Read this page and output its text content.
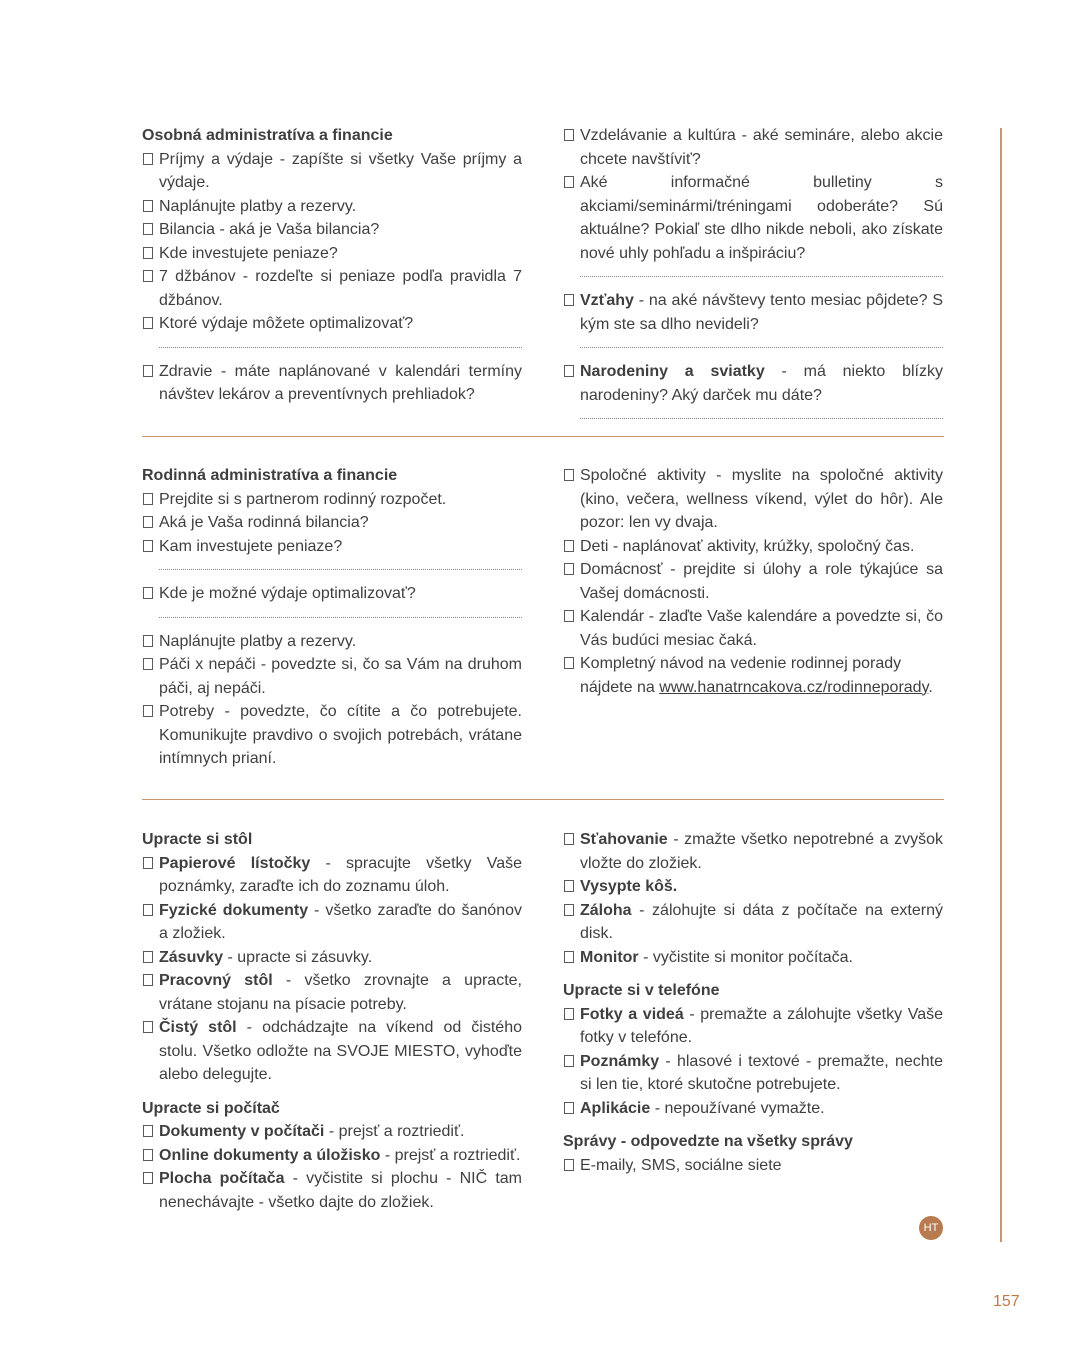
Osobná administratíva a financie
Príjmy a výdaje - zapíšte si všetky Vaše príjmy a výdaje.
Naplánujte platby a rezervy.
Bilancia - aká je Vaša bilancia?
Kde investujete peniaze?
7 džbánov - rozdeľte si peniaze podľa pravidla 7 džbánov.
Ktoré výdaje môžete optimalizovať?
Zdravie - máte naplánované v kalendári termíny návštev lekárov a preventívnych prehliadok?
Vzdelávanie a kultúra - aké semináre, alebo akcie chcete navštíviť?
Aké informačné bulletiny s akciami/seminármi/tréningami odoberáte? Sú aktuálne? Pokiaľ ste dlho nikde neboli, ako získate nové uhly pohľadu a inšpiráciu?
Vzťahy - na aké návštevy tento mesiac pôjdete? S kým ste sa dlho nevideli?
Narodeniny a sviatky - má niekto blízky narodeniny? Aký darček mu dáte?
Rodinná administratíva a financie
Prejdite si s partnerom rodinný rozpočet.
Aká je Vaša rodinná bilancia?
Kam investujete peniaze?
Kde je možné výdaje optimalizovať?
Naplánujte platby a rezervy.
Páči x nepáči - povedzte si, čo sa Vám na druhom páči, aj nepáči.
Potreby - povedzte, čo cítite a čo potrebujete. Komunikujte pravdivo o svojich potrebách, vrátane intímnych prianí.
Spoločné aktivity - myslite na spoločné aktivity (kino, večera, wellness víkend, výlet do hôr). Ale pozor: len vy dvaja.
Deti - naplánovať aktivity, krúžky, spoločný čas.
Domácnosť - prejdite si úlohy a role týkajúce sa Vašej domácnosti.
Kalendár - zlaďte Vaše kalendáre a povedzte si, čo Vás budúci mesiac čaká.
Kompletný návod na vedenie rodinnej porady nájdete na www.hanatrncakova.cz/rodinneporady.
Upracte si stôl
Papierové lístočky - spracujte všetky Vaše poznámky, zaraďte ich do zoznamu úloh.
Fyzické dokumenty - všetko zaraďte do šanónov a zložiek.
Zásuvky - upracte si zásuvky.
Pracovný stôl - všetko zrovnajte a upracte, vrátane stojanu na písacie potreby.
Čistý stôl - odchádzajte na víkend od čistého stolu. Všetko odložte na SVOJE MIESTO, vyhoďte alebo delegujte.
Upracte si počítač
Dokumenty v počítači - prejsť a roztriediť.
Online dokumenty a úložisko - prejsť a roztriediť.
Plocha počítača - vyčistite si plochu - NIČ tam nenechávajte - všetko dajte do zložiek.
Sťahovanie - zmažte všetko nepotrebné a zvyšok vložte do zložiek.
Vysypte kôš.
Záloha - zálohujte si dáta z počítače na externý disk.
Monitor - vyčistite si monitor počítača.
Upracte si v telefóne
Fotky a videá - premažte a zálohujte všetky Vaše fotky v telefóne.
Poznámky - hlasové i textové - premažte, nechte si len tie, ktoré skutočne potrebujete.
Aplikácie - nepoužívané vymažte.
Správy - odpovedzte na všetky správy
E-maily, SMS, sociálne siete
HT
157
